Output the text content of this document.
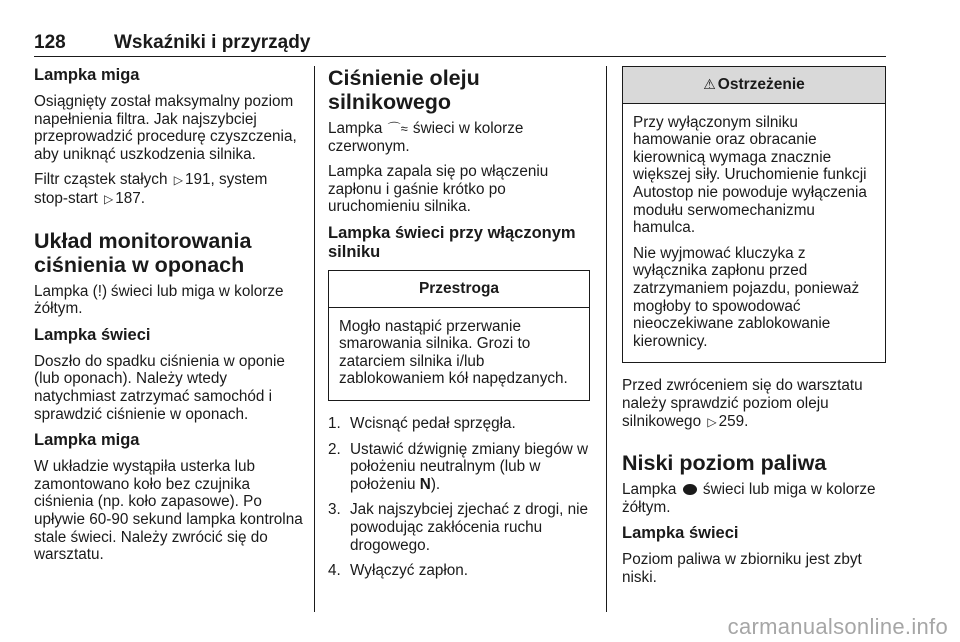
128	Wskaźniki i przyrządy
Lampka miga

Osiągnięty został maksymalny poziom napełnienia filtra. Jak najszybciej przeprowadzić procedurę czyszczenia, aby uniknąć uszkodzenia silnika.

Filtr cząstek stałych ▷ 191, system stop-start ▷ 187.

Układ monitorowania ciśnienia w oponach

Lampka (!) świeci lub miga w kolorze żółtym.

Lampka świeci

Doszło do spadku ciśnienia w oponie (lub oponach). Należy wtedy natychmiast zatrzymać samochód i sprawdzić ciśnienie w oponach.

Lampka miga

W układzie wystąpiła usterka lub zamontowano koło bez czujnika ciśnienia (np. koło zapasowe). Po upływie 60-90 sekund lampka kontrolna stale świeci. Należy zwrócić się do warsztatu.

Ciśnienie oleju silnikowego

Lampka ⌒≈ świeci w kolorze czerwonym.

Lampka zapala się po włączeniu zapłonu i gaśnie krótko po uruchomieniu silnika.

Lampka świeci przy włączonym silniku
Przestroga

Mogło nastąpić przerwanie smarowania silnika. Grozi to zatarciem silnika i/lub zablokowaniem kół napędzanych.

1. Wcisnąć pedał sprzęgła.
2. Ustawić dźwignię zmiany biegów w położeniu neutralnym (lub w położeniu N).
3. Jak najszybciej zjechać z drogi, nie powodując zakłócenia ruchu drogowego.
4. Wyłączyć zapłon.
⚠ Ostrzeżenie

Przy wyłączonym silniku hamowanie oraz obracanie kierownicą wymaga znacznie większej siły. Uruchomienie funkcji Autostop nie powoduje wyłączenia modułu serwomechanizmu hamulca.

Nie wyjmować kluczyka z wyłącznika zapłonu przed zatrzymaniem pojazdu, ponieważ mogłoby to spowodować nieoczekiwane zablokowanie kierownicy.

Przed zwróceniem się do warsztatu należy sprawdzić poziom oleju silnikowego ▷ 259.

Niski poziom paliwa

Lampka świeci lub miga w kolorze żółtym.

Lampka świeci

Poziom paliwa w zbiorniku jest zbyt niski.

carmanualsonline.info
